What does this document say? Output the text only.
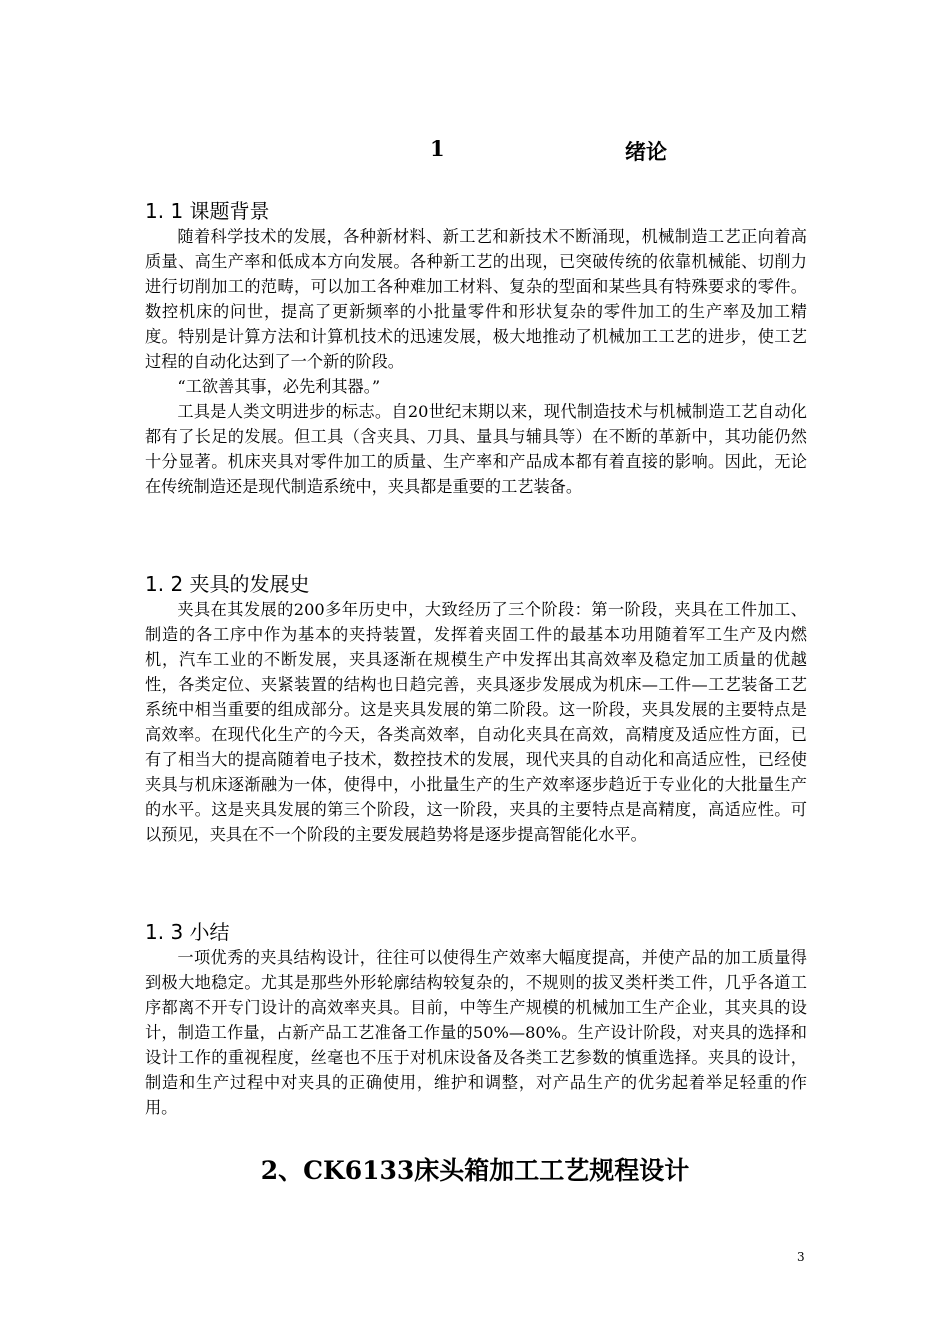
1	绪论
1. 1 课题背景

随着科学技术的发展，各种新材料、新工艺和新技术不断涌现，机械制造工艺正向着高质量、高生产率和低成本方向发展。各种新工艺的出现，已突破传统的依靠机械能、切削力进行切削加工的范畴，可以加工各种难加工材料、复杂的型面和某些具有特殊要求的零件。数控机床的问世，提高了更新频率的小批量零件和形状复杂的零件加工的生产率及加工精度。特别是计算方法和计算机技术的迅速发展，极大地推动了机械加工工艺的进步，使工艺过程的自动化达到了一个新的阶段。

“工欲善其事，必先利其器。”

工具是人类文明进步的标志。自20世纪末期以来，现代制造技术与机械制造工艺自动化都有了长足的发展。但工具（含夹具、刀具、量具与辅具等）在不断的革新中，其功能仍然十分显著。机床夹具对零件加工的质量、生产率和产品成本都有着直接的影响。因此，无论在传统制造还是现代制造系统中，夹具都是重要的工艺装备。

1. 2 夹具的发展史

夹具在其发展的200多年历史中，大致经历了三个阶段：第一阶段，夹具在工件加工、制造的各工序中作为基本的夹持装置，发挥着夹固工件的最基本功用随着军工生产及内燃机，汽车工业的不断发展，夹具逐渐在规模生产中发挥出其高效率及稳定加工质量的优越性，各类定位、夹紧装置的结构也日趋完善，夹具逐步发展成为机床—工件—工艺装备工艺系统中相当重要的组成部分。这是夹具发展的第二阶段。这一阶段，夹具发展的主要特点是高效率。在现代化生产的今天，各类高效率，自动化夹具在高效，高精度及适应性方面，已有了相当大的提高随着电子技术，数控技术的发展，现代夹具的自动化和高适应性，已经使夹具与机床逐渐融为一体，使得中，小批量生产的生产效率逐步趋近于专业化的大批量生产的水平。这是夹具发展的第三个阶段，这一阶段，夹具的主要特点是高精度，高适应性。可以预见，夹具在不一个阶段的主要发展趋势将是逐步提高智能化水平。

1. 3 小结

一项优秀的夹具结构设计，往往可以使得生产效率大幅度提高，并使产品的加工质量得到极大地稳定。尤其是那些外形轮廓结构较复杂的，不规则的拔叉类杆类工件，几乎各道工序都离不开专门设计的高效率夹具。目前，中等生产规模的机械加工生产企业，其夹具的设计，制造工作量，占新产品工艺准备工作量的50%—80%。生产设计阶段，对夹具的选择和设计工作的重视程度，丝毫也不压于对机床设备及各类工艺参数的慎重选择。夹具的设计，制造和生产过程中对夹具的正确使用，维护和调整，对产品生产的优劣起着举足轻重的作用。

2、CK6133床头箱加工工艺规程设计
3
